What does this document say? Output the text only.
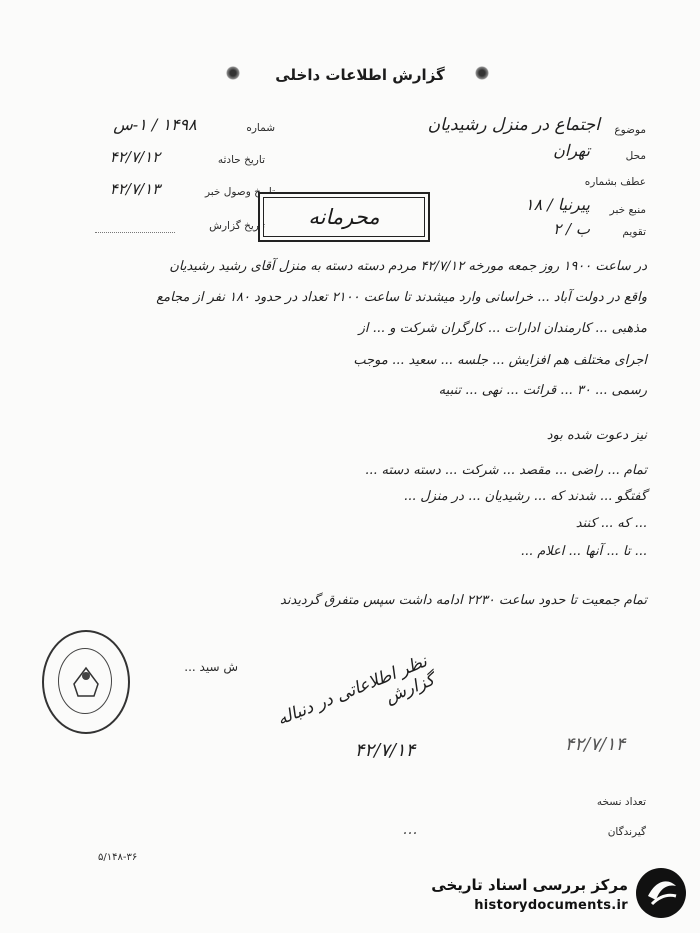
گزارش اطلاعات داخلی
شماره
۱۴۹۸ / ۱-س
تاریخ حادثه
۴۲/۷/۱۲
تاریخ وصول خبر
۴۲/۷/۱۳
تاریخ گزارش
موضوع
اجتماع در منزل رشیدیان
محل
تهران
عطف بشماره
منبع خبر
پیرنیا / ۱۸
تقویم
ب / ۲
محرمانه
در ساعت ۱۹۰۰ روز جمعه مورخه ۴۲/۷/۱۲ مردم دسته دسته به منزل آقای رشید رشیدیان
واقع در دولت آباد ... خراسانی وارد میشدند تا ساعت ۲۱۰۰ تعداد در حدود ۱۸۰ نفر از مجامع
مذهبی ... کارمندان ادارات ... کارگران شرکت و ... از
اجرای مختلف هم افزایش ... جلسه ... سعید ... موجب
رسمی ... ۳۰ ... قرائت ... نهی ... تنبیه
نیز دعوت شده بود
تمام ... راضی ... مقصد ... شرکت ... دسته دسته ...
گفتگو ... شدند که ... رشیدیان ... در منزل ...
... که ... کنند
... تا ... آنها ... اعلام ...
تمام جمعیت تا حدود ساعت ۲۲۳۰ ادامه داشت سپس متفرق گردیدند
ش سید ...	نظر اطلاعاتی در دنباله گزارش
۴۲/۷/۱۴	۴۲/۷/۱۴
تعداد نسخه
گیرندگان
…
۵/۱۴۸-۳۶
مرکز بررسی اسناد تاریخی
historydocuments.ir
